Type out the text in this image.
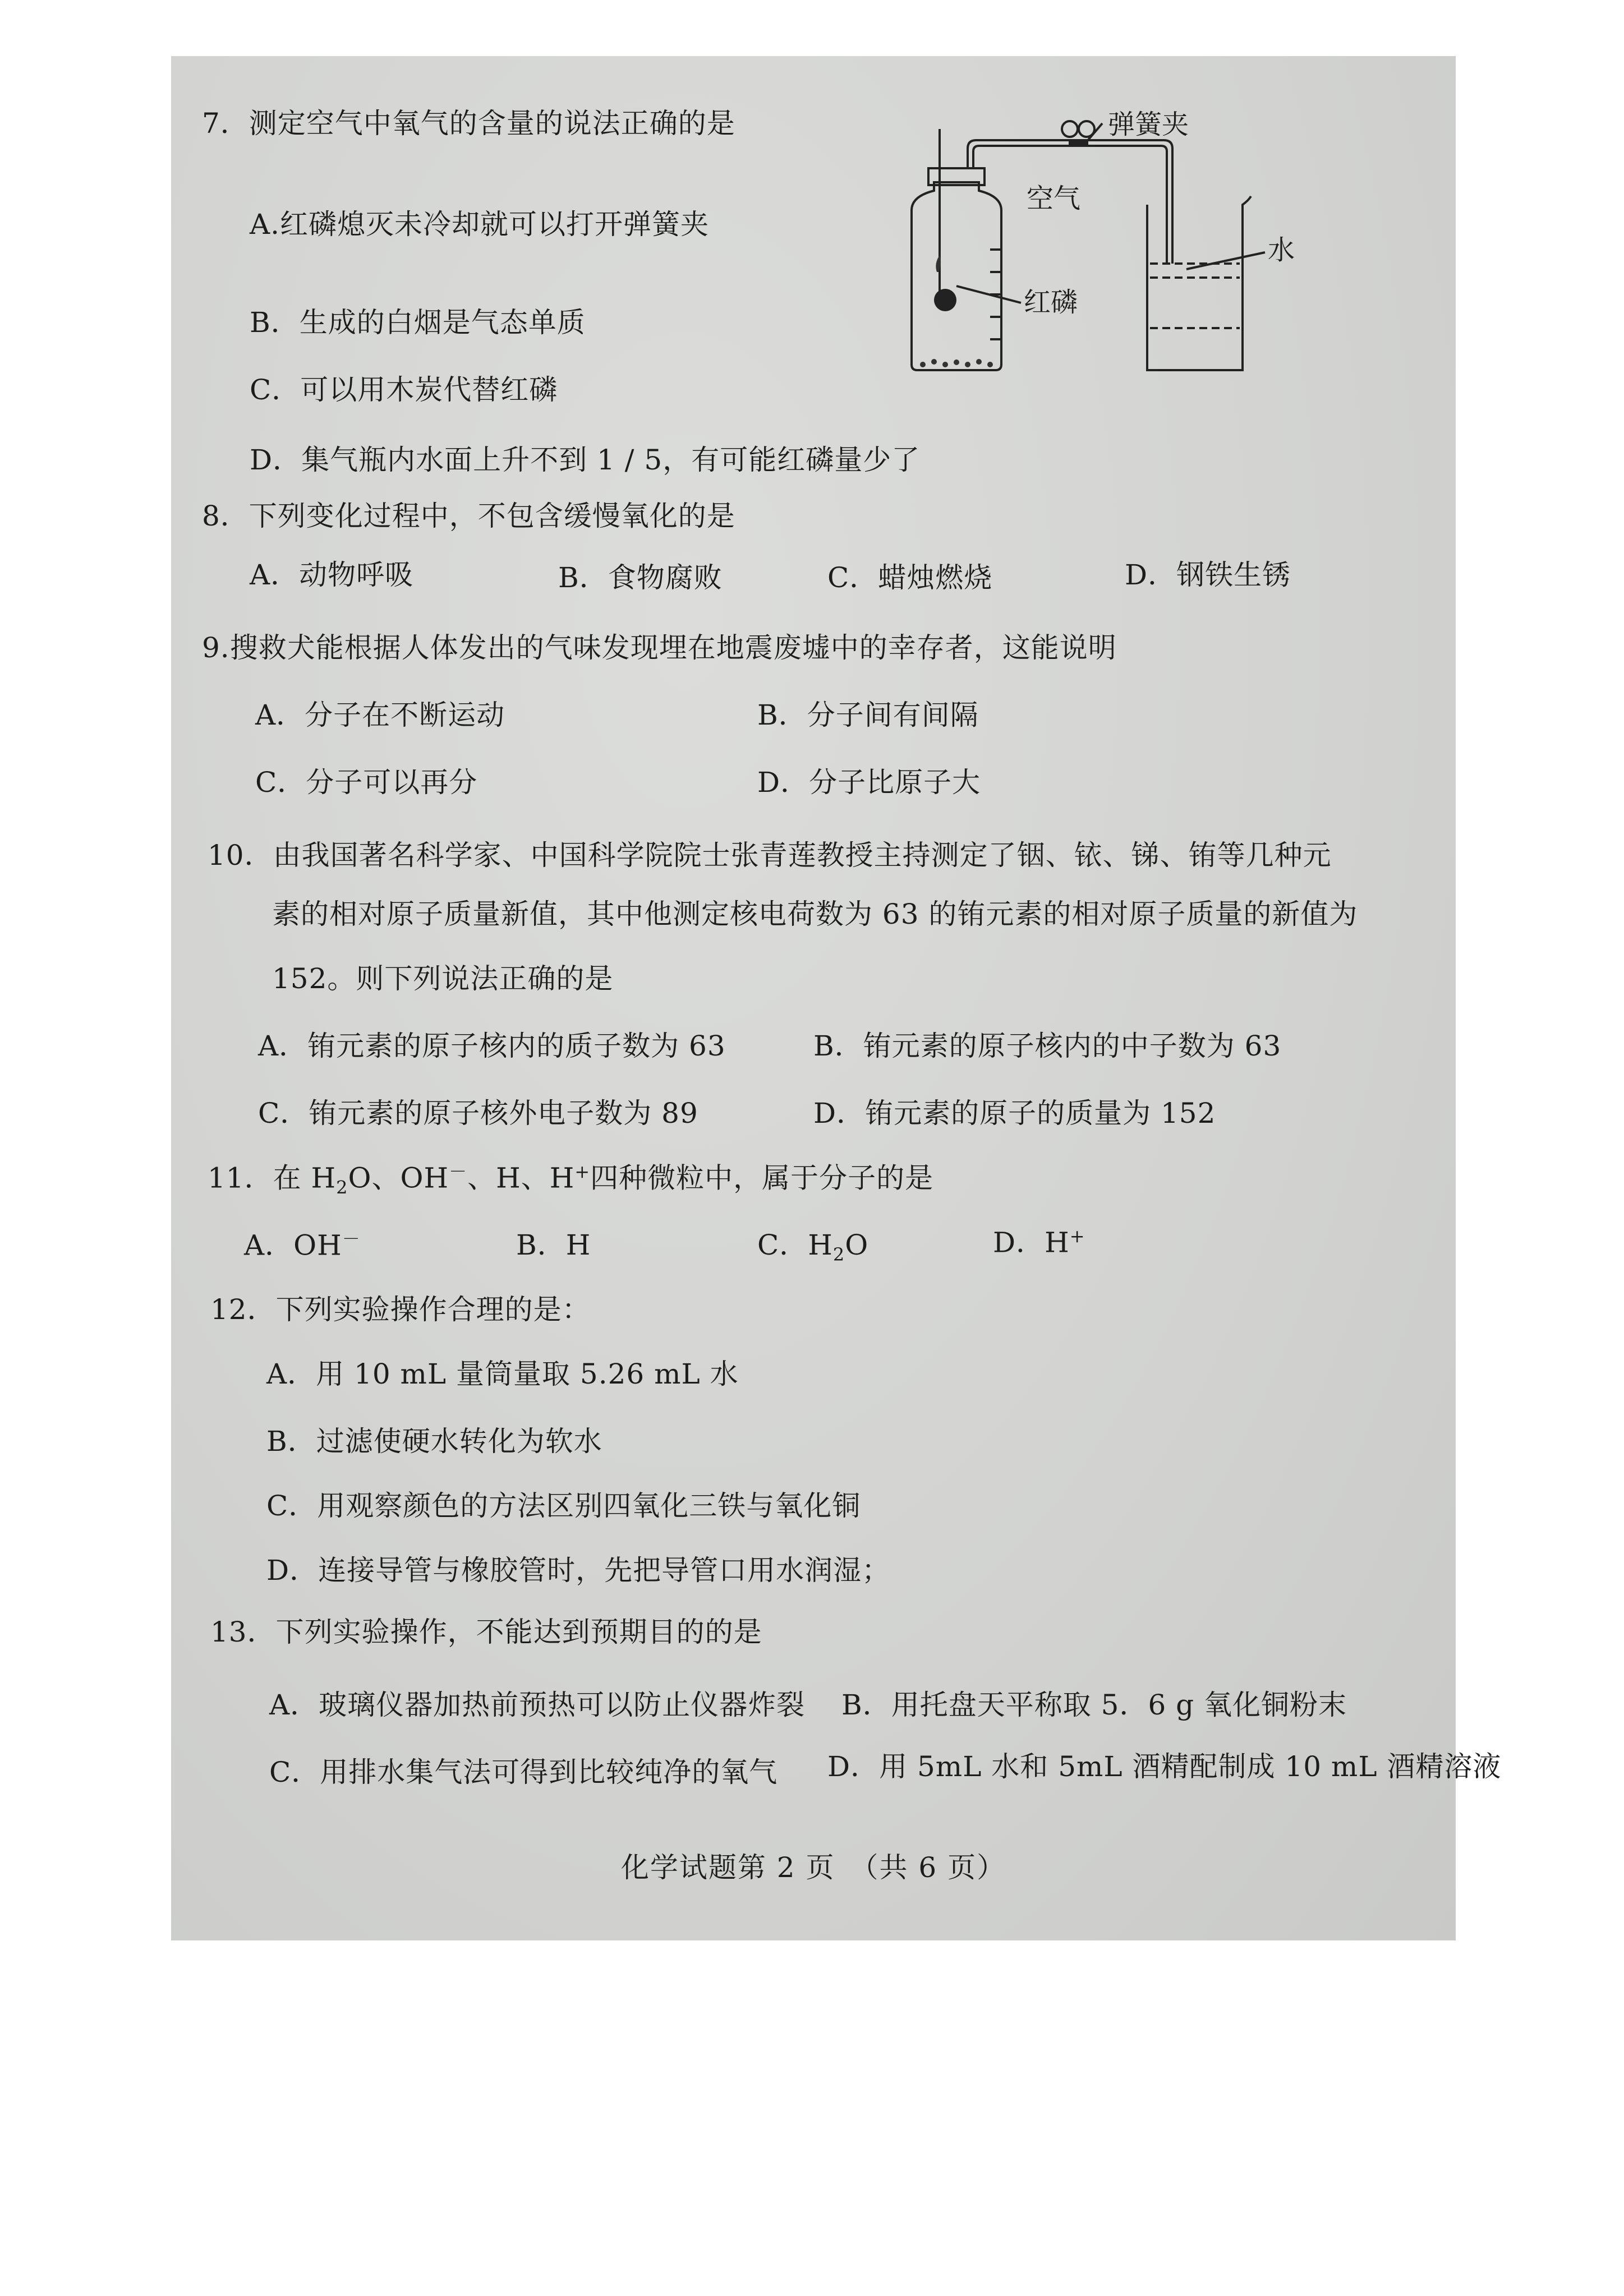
7．测定空气中氧气的含量的说法正确的是
A.红磷熄灭未冷却就可以打开弹簧夹
B．生成的白烟是气态单质
C．可以用木炭代替红磷
D．集气瓶内水面上升不到 1 / 5，有可能红磷量少了
弹簧夹
空气
红磷
水
8．下列变化过程中，不包含缓慢氧化的是
A．动物呼吸	B．食物腐败	C．蜡烛燃烧	D．钢铁生锈
9.搜救犬能根据人体发出的气味发现埋在地震废墟中的幸存者，这能说明
A．分子在不断运动	B．分子间有间隔
C．分子可以再分	D．分子比原子大
10．由我国著名科学家、中国科学院院士张青莲教授主持测定了铟、铱、锑、铕等几种元
素的相对原子质量新值，其中他测定核电荷数为 63 的铕元素的相对原子质量的新值为
152。则下列说法正确的是
A．铕元素的原子核内的质子数为 63	B．铕元素的原子核内的中子数为 63
C．铕元素的原子核外电子数为 89	D．铕元素的原子的质量为 152
11．在 $H_2O$、OH－、H、H+四种微粒中，属于分子的是
A．OH－	B．H	C．$H_2O$	D．H+
12．下列实验操作合理的是：
A．用 10 mL 量筒量取 5.26 mL 水
B．过滤使硬水转化为软水
C．用观察颜色的方法区别四氧化三铁与氧化铜
D．连接导管与橡胶管时，先把导管口用水润湿；
13．下列实验操作，不能达到预期目的的是
A．玻璃仪器加热前预热可以防止仪器炸裂 B．用托盘天平称取 5．6 g 氧化铜粉末
C．用排水集气法可得到比较纯净的氧气 D．用 5mL 水和 5mL 酒精配制成 10 mL 酒精溶液
化学试题第 2 页　（共 6 页）
